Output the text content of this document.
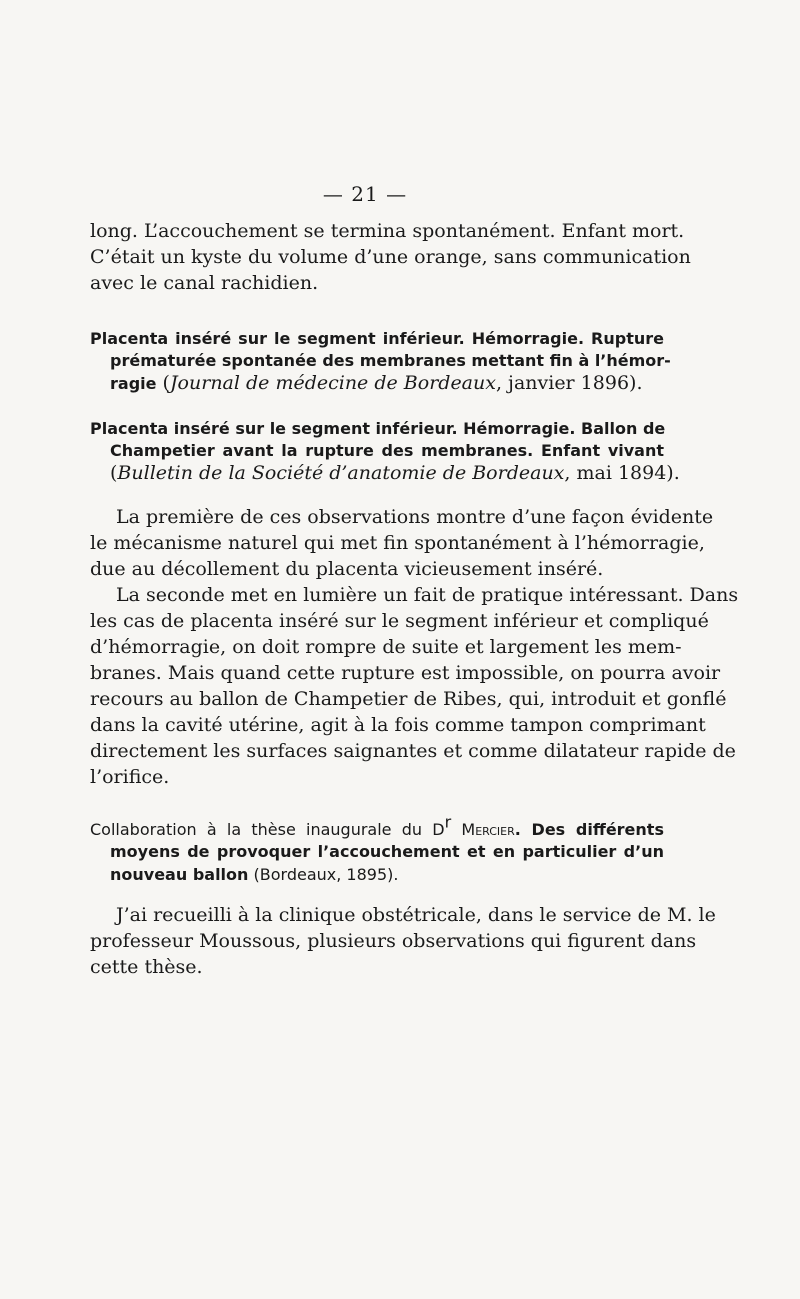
— 21 —
long. L’accouchement se termina spontanément. Enfant mort.
C’était un kyste du volume d’une orange, sans communication
avec le canal rachidien.
Placenta inséré sur le segment inférieur. Hémorragie. Rupture
prématurée spontanée des membranes mettant fin à l’hémor-
ragie (Journal de médecine de Bordeaux, janvier 1896).
Placenta inséré sur le segment inférieur. Hémorragie. Ballon de
Champetier avant la rupture des membranes. Enfant vivant
(Bulletin de la Société d’anatomie de Bordeaux, mai 1894).
La première de ces observations montre d’une façon évidente
le mécanisme naturel qui met fin spontanément à l’hémorragie,
due au décollement du placenta vicieusement inséré.
La seconde met en lumière un fait de pratique intéressant. Dans
les cas de placenta inséré sur le segment inférieur et compliqué
d’hémorragie, on doit rompre de suite et largement les mem-
branes. Mais quand cette rupture est impossible, on pourra avoir
recours au ballon de Champetier de Ribes, qui, introduit et gonflé
dans la cavité utérine, agit à la fois comme tampon comprimant
directement les surfaces saignantes et comme dilatateur rapide de
l’orifice.
Collaboration à la thèse inaugurale du $D^r$ Mercier. Des différents
moyens de provoquer l’accouchement et en particulier d’un
nouveau ballon (Bordeaux, 1895).
J’ai recueilli à la clinique obstétricale, dans le service de M. le
professeur Moussous, plusieurs observations qui figurent dans
cette thèse.
